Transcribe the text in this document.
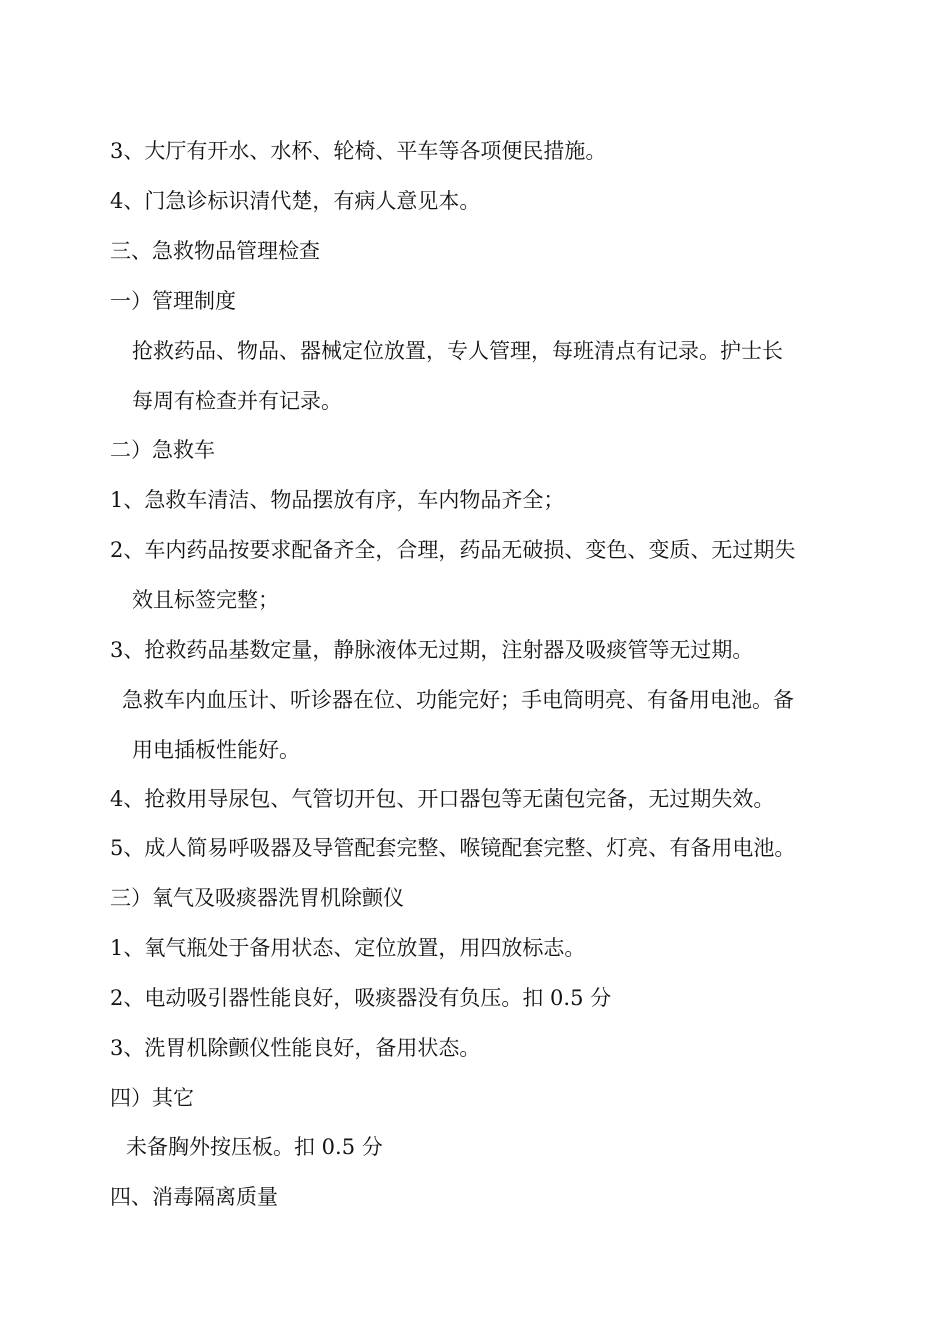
3、大厅有开水、水杯、轮椅、平车等各项便民措施。
4、门急诊标识清代楚，有病人意见本。
三、急救物品管理检查
一）管理制度
抢救药品、物品、器械定位放置，专人管理，每班清点有记录。护士长
每周有检查并有记录。
二）急救车
1、急救车清洁、物品摆放有序，车内物品齐全；
2、车内药品按要求配备齐全，合理，药品无破损、变色、变质、无过期失
效且标签完整；
3、抢救药品基数定量，静脉液体无过期，注射器及吸痰管等无过期。
急救车内血压计、听诊器在位、功能完好；手电筒明亮、有备用电池。备
用电插板性能好。
4、抢救用导尿包、气管切开包、开口器包等无菌包完备，无过期失效。
5、成人简易呼吸器及导管配套完整、喉镜配套完整、灯亮、有备用电池。
三）氧气及吸痰器洗胃机除颤仪
1、氧气瓶处于备用状态、定位放置，用四放标志。
2、电动吸引器性能良好，吸痰器没有负压。扣 0.5 分
3、洗胃机除颤仪性能良好，备用状态。
四）其它
未备胸外按压板。扣 0.5 分
四、消毒隔离质量
